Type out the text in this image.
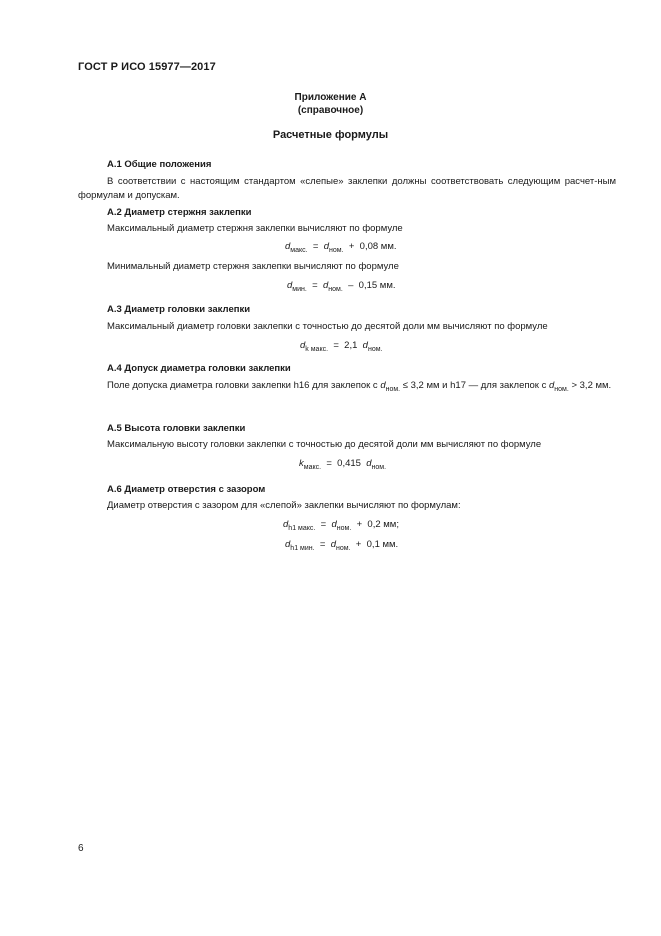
ГОСТ Р ИСО 15977—2017
Приложение А
(справочное)
Расчетные формулы
А.1 Общие положения
В соответствии с настоящим стандартом «слепые» заклепки должны соответствовать следующим расчет-ным формулам и допускам.
А.2 Диаметр стержня заклепки
Максимальный диаметр стержня заклепки вычисляют по формуле
$d_{макс.} = d_{ном.} + 0,08$ мм.
Минимальный диаметр стержня заклепки вычисляют по формуле
$d_{мин.} = d_{ном.} - 0,15$ мм.
А.3 Диаметр головки заклепки
Максимальный диаметр головки заклепки с точностью до десятой доли мм вычисляют по формуле
$d_{k макс.} = 2,1$ $d_{ном.}$
А.4 Допуск диаметра головки заклепки
Поле допуска диаметра головки заклепки h16 для заклепок с $d_{ном.} \le 3,2$ мм и h17 — для заклепок с $d_{ном.} > 3,2$ мм.
А.5 Высота головки заклепки
Максимальную высоту головки заклепки с точностью до десятой доли мм вычисляют по формуле
$k_{макс.} = 0,415$ $d_{ном.}$
А.6 Диаметр отверстия с зазором
Диаметр отверстия с зазором для «слепой» заклепки вычисляют по формулам:
$d_{h1 макс.} = d_{ном.} + 0,2$ мм;
$d_{h1 мин.} = d_{ном.} + 0,1$ мм.
6
